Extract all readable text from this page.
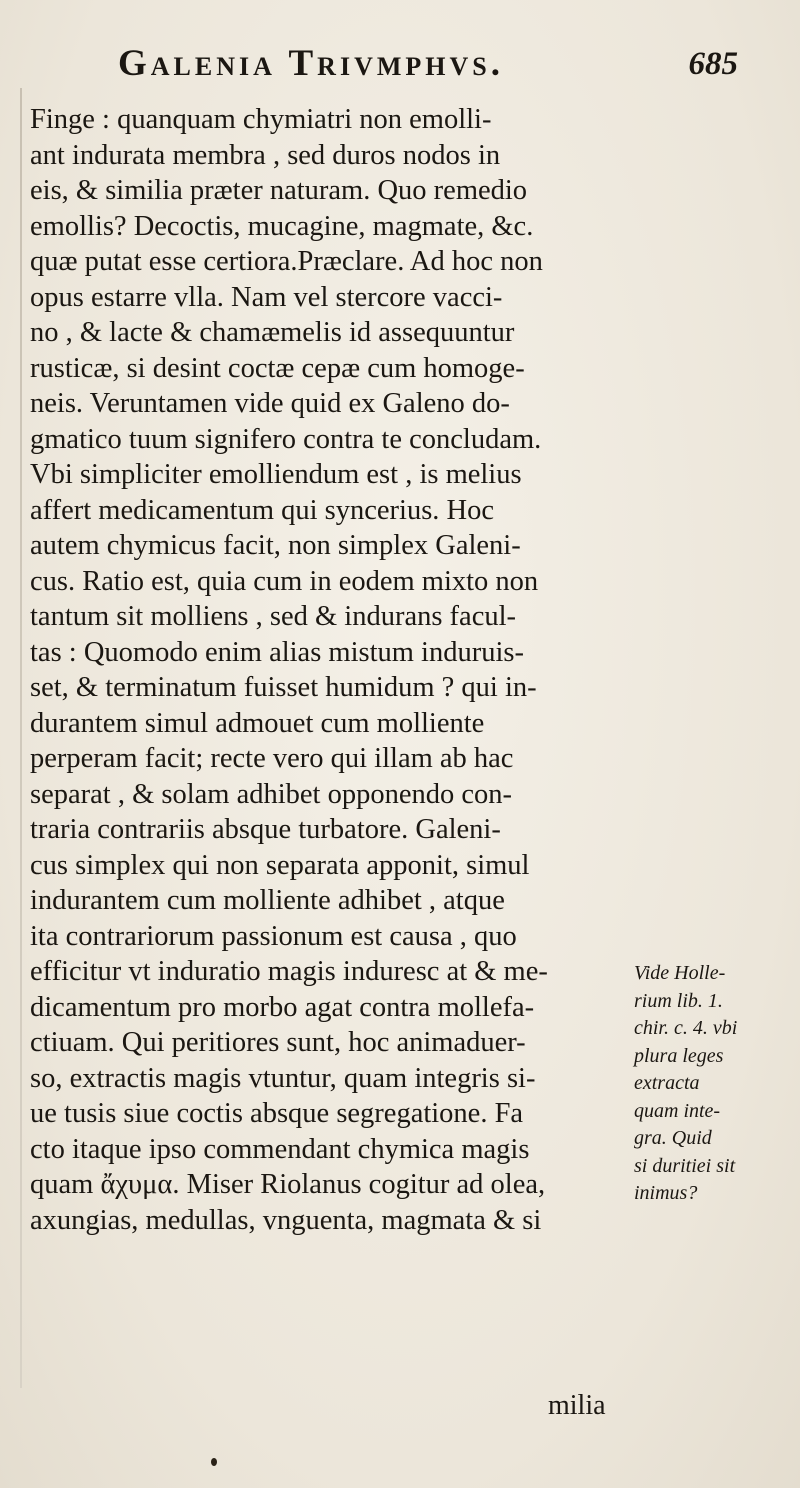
Galenia Trivmphvs.	685
Finge : quanquam chymiatri non emolli-
ant indurata membra , sed duros nodos in
eis, & similia præter naturam. Quo remedio
emollis? Decoctis, mucagine, magmate, &c.
quæ putat esse certiora.Præclare. Ad hoc non
opus estarre vlla. Nam vel stercore vacci-
no , & lacte & chamæmelis id assequuntur
rusticæ, si desint coctæ cepæ cum homoge-
neis. Veruntamen vide quid ex Galeno do-
gmatico tuum signifero contra te concludam.
Vbi simpliciter emolliendum est , is melius
affert medicamentum qui syncerius. Hoc
autem chymicus facit, non simplex Galeni-
cus. Ratio est, quia cum in eodem mixto non
tantum sit molliens , sed & indurans facul-
tas : Quomodo enim alias mistum induruis-
set, & terminatum fuisset humidum ? qui in-
durantem simul admouet cum molliente
perperam facit; recte vero qui illam ab hac
separat , & solam adhibet opponendo con-
traria contrariis absque turbatore. Galeni-
cus simplex qui non separata apponit, simul
indurantem cum molliente adhibet , atque
ita contrariorum passionum est causa , quo
efficitur vt induratio magis induresc at & me-
dicamentum pro morbo agat contra mollefa-
ctiuam. Qui peritiores sunt, hoc animaduer-
so, extractis magis vtuntur, quam integris si-
ue tusis siue coctis absque segregatione. Fa
cto itaque ipso commendant chymica magis
quam ἄχυμα. Miser Riolanus cogitur ad olea,
axungias, medullas, vnguenta, magmata & si
milia
Vide Holle-
rium lib. 1.
chir. c. 4. vbi
plura leges
extracta
quam inte-
gra. Quid
si duritiei sit
inimus?
